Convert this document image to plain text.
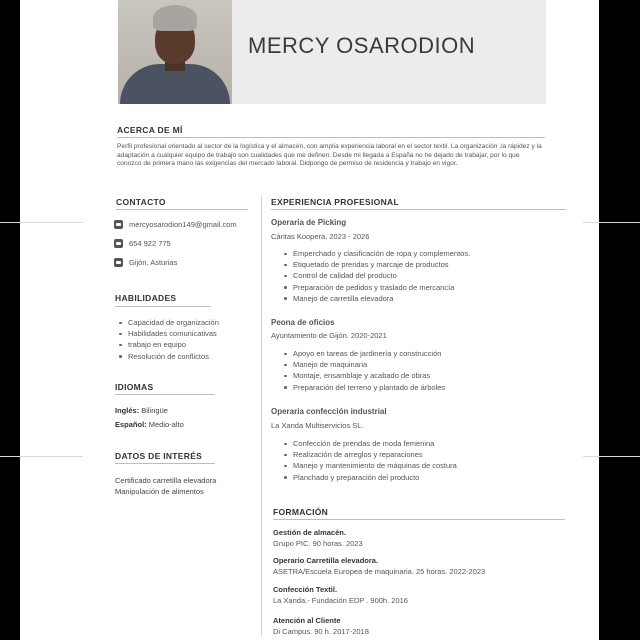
MERCY OSARODION
ACERCA DE MÍ
Perfil profesional orientado al sector de la logística y el almacén, con amplia experiencia laboral en el sector textil. La organización ,la rápidez y la adaptación a cualquier equipo de trabajo son cualidades que me definen. Desde mi llegada a España no he dejado de trabajar, por lo que conozco de primera mano las exigencias del mercado laboral. Didpongo de permiso de residencia y trabajo en vigor.
CONTACTO
mercyosarodion149@gmail.com
654 922 775
Gijón, Asturias
HABILIDADES
Capacidad de organización
Habilidades comunicativas
trabajo en equipo
Resolución de conflictos
IDIOMAS
Inglés: Bilingüe
Español: Medio-alto
DATOS DE INTERÉS
Certificado carretilla elevadora
Manipulación de alimentos
EXPERIENCIA PROFESIONAL
Operaria de Picking
Cáritas Koopera. 2023 - 2026
Emperchado y clasificación de ropa y complementos.
Etiquetado de prendas y marcaje de productos
Control de calidad del producto
Preparación de pedidos y traslado de mercancía
Manejo de carretilla elevadora
Peona de oficios
Ayuntamiento de Gijón. 2020-2021
Apoyo en tareas de jardinería y construcción
Manejo de maquinaria
Montaje, ensamblaje y acabado de obras
Preparación del terreno y plantado de árboles
Operaria confección industrial
La Xanda Multiservicios SL.
Confección de prendas de moda femenina
Realización de arreglos y reparaciones
Manejo y mantenimiento de máquinas de costura
Planchado y preparación del producto
FORMACIÓN
Gestión de almacén.
Grupo PIC. 90 horas. 2023
Operario Carretilla elevadora.
ASETRA/Escuela Europea de maquinaria. 25 horas. 2022-2023
Confección Textil.
La Xanda.- Fundación EDP . 900h. 2016
Atención al Cliente
Di Campus. 90 h. 2017-2018
